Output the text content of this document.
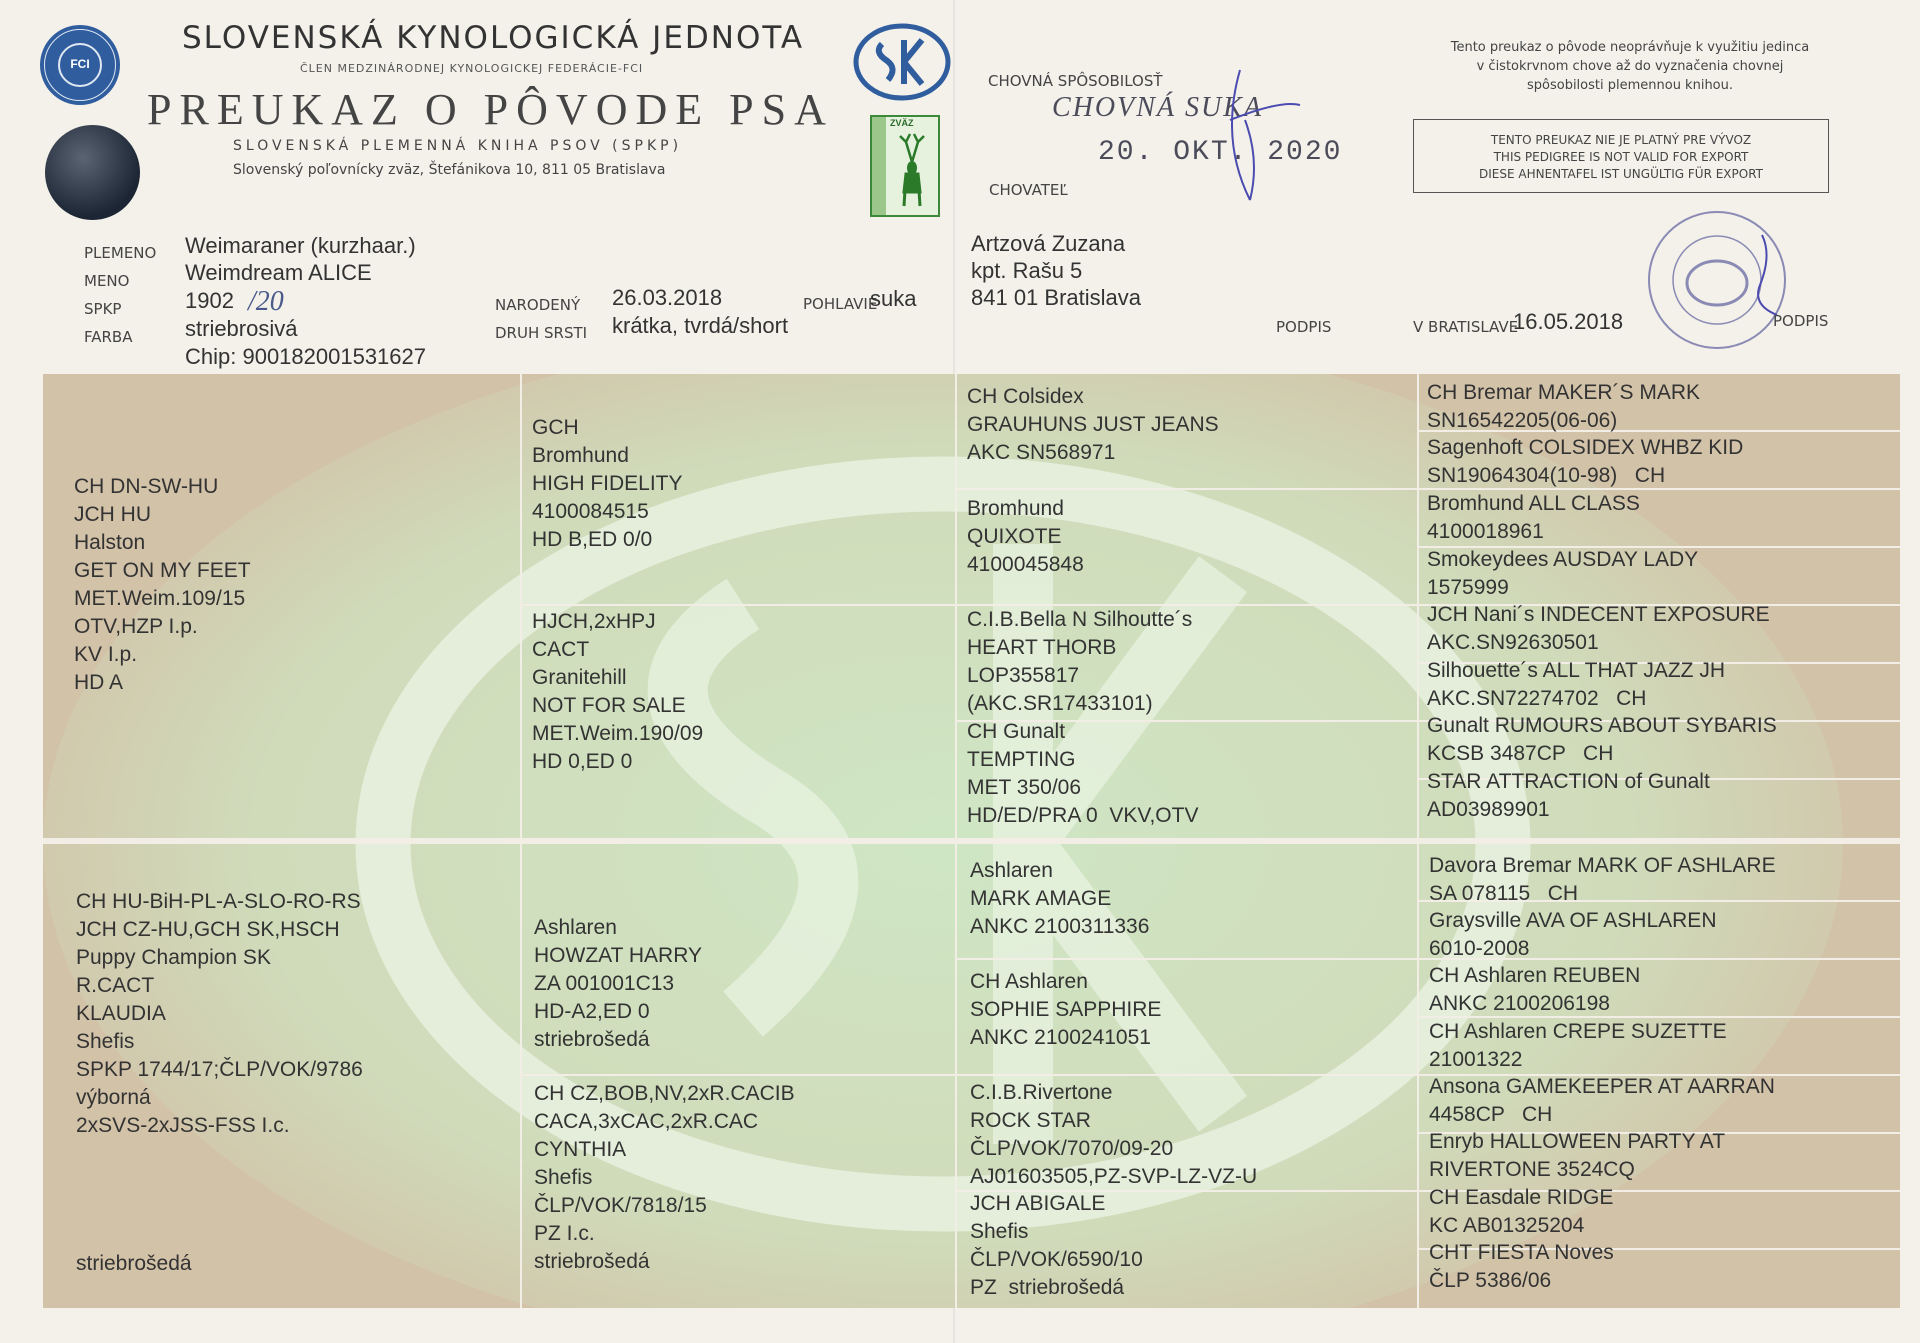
FCI
ZVÄZ
SLOVENSKÁ KYNOLOGICKÁ JEDNOTA
ČLEN MEDZINÁRODNEJ KYNOLOGICKEJ FEDERÁCIE-FCI
PREUKAZ O PÔVODE PSA
SLOVENSKÁ PLEMENNÁ KNIHA PSOV (SPKP)
Slovenský poľovnícky zväz, Štefánikova 10, 811 05 Bratislava
PLEMENO
MENO
SPKP
FARBA
Weimaraner (kurzhaar.)
Weimdream ALICE
1902 /20
striebrosivá
Chip: 900182001531627
NARODENÝ
DRUH SRSTI
26.03.2018
krátka, tvrdá/short
POHLAVIE
suka
CHOVNÁ SPÔSOBILOSŤ
CHOVNÁ SUKA
20. OKT. 2020
CHOVATEĽ
Artzová Zuzana
kpt. Rašu 5
841 01 Bratislava
PODPIS
Tento preukaz o pôvode neoprávňuje k využitiu jedinca v čistokrvnom chove až do vyznačenia chovnej spôsobilosti plemennou knihou.
TENTO PREUKAZ NIE JE PLATNÝ PRE VÝVOZ
THIS PEDIGREE IS NOT VALID FOR EXPORT
DIESE AHNENTAFEL IST UNGÜLTIG FÜR EXPORT
V BRATISLAVE
16.05.2018	PODPIS
CH DN-SW-HU
JCH HU
Halston
GET ON MY FEET
MET.Weim.109/15
OTV,HZP I.p.
KV I.p.
HD A
CH HU-BiH-PL-A-SLO-RO-RS
JCH CZ-HU,GCH SK,HSCH
Puppy Champion SK
R.CACT
KLAUDIA
Shefis
SPKP 1744/17;ČLP/VOK/9786
výborná
2xSVS-2xJSS-FSS I.c.
striebrošedá
GCH
Bromhund
HIGH FIDELITY
4100084515
HD B,ED 0/0
HJCH,2xHPJ
CACT
Granitehill
NOT FOR SALE
MET.Weim.190/09
HD 0,ED 0
Ashlaren
HOWZAT HARRY
ZA 001001C13
HD-A2,ED 0
striebrošedá
CH CZ,BOB,NV,2xR.CACIB
CACA,3xCAC,2xR.CAC
CYNTHIA
Shefis
ČLP/VOK/7818/15
PZ I.c.
striebrošedá
CH Colsidex
GRAUHUNS JUST JEANS
AKC SN568971
Bromhund
QUIXOTE
4100045848
C.I.B.Bella N Silhoutte´s
HEART THORB
LOP355817
(AKC.SR17433101)
CH Gunalt
TEMPTING
MET 350/06
HD/ED/PRA 0  VKV,OTV
Ashlaren
MARK AMAGE
ANKC 2100311336
CH Ashlaren
SOPHIE SAPPHIRE
ANKC 2100241051
C.I.B.Rivertone
ROCK STAR
ČLP/VOK/7070/09-20
AJ01603505,PZ-SVP-LZ-VZ-U
JCH ABIGALE
Shefis
ČLP/VOK/6590/10
PZ  striebrošedá
CH Bremar MAKER´S MARK
SN16542205(06-06)
Sagenhoft COLSIDEX WHBZ KID
SN19064304(10-98)   CH
Bromhund ALL CLASS
4100018961
Smokeydees AUSDAY LADY
1575999
JCH Nani´s INDECENT EXPOSURE
AKC.SN92630501
Silhouette´s ALL THAT JAZZ JH
AKC.SN72274702   CH
Gunalt RUMOURS ABOUT SYBARIS
KCSB 3487CP   CH
STAR ATTRACTION of Gunalt
AD03989901
Davora Bremar MARK OF ASHLARE
SA 078115   CH
Graysville AVA OF ASHLAREN
6010-2008
CH Ashlaren REUBEN
ANKC 2100206198
CH Ashlaren CREPE SUZETTE
21001322
Ansona GAMEKEEPER AT AARRAN
4458CP   CH
Enryb HALLOWEEN PARTY AT
RIVERTONE 3524CQ
CH Easdale RIDGE
KC AB01325204
CHT FIESTA Noves
ČLP 5386/06
